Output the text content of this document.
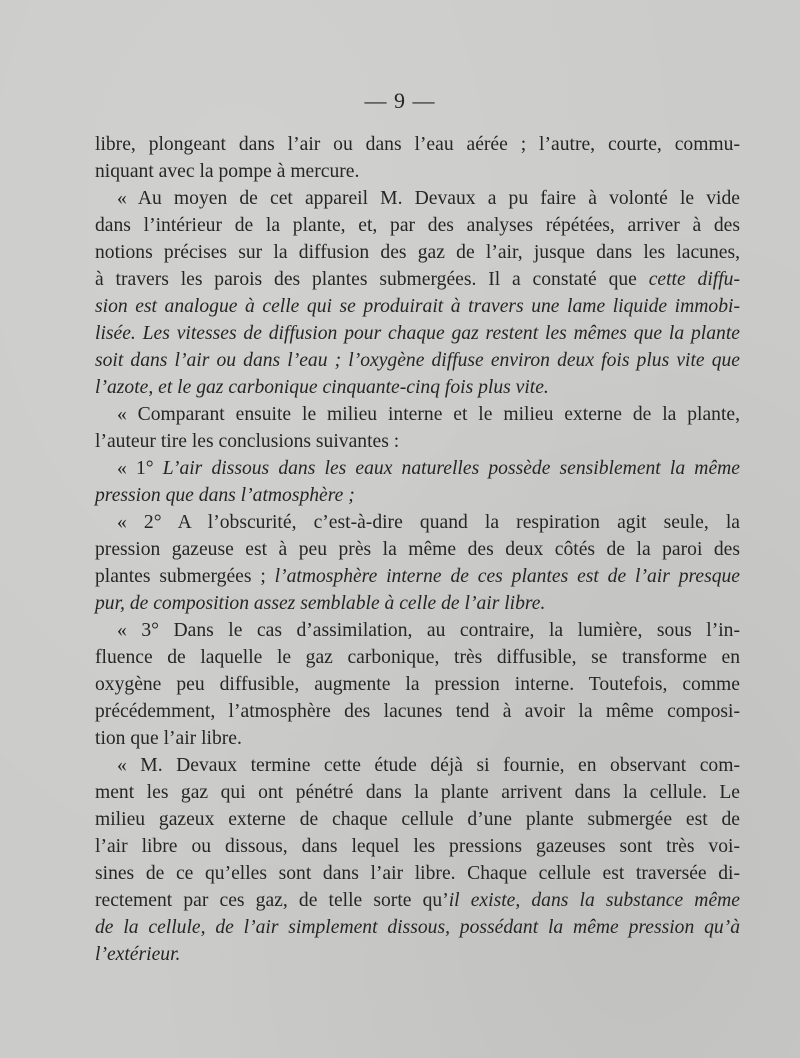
— 9 —
libre, plongeant dans l’air ou dans l’eau aérée ; l’autre, courte, commu-
niquant avec la pompe à mercure.
« Au moyen de cet appareil M. Devaux a pu faire à volonté le vide
dans l’intérieur de la plante, et, par des analyses répétées, arriver à des
notions précises sur la diffusion des gaz de l’air, jusque dans les lacunes,
à travers les parois des plantes submergées. Il a constaté que cette diffu-
sion est analogue à celle qui se produirait à travers une lame liquide immobi-
lisée. Les vitesses de diffusion pour chaque gaz restent les mêmes que la plante
soit dans l’air ou dans l’eau ; l’oxygène diffuse environ deux fois plus vite que
l’azote, et le gaz carbonique cinquante-cinq fois plus vite.
« Comparant ensuite le milieu interne et le milieu externe de la plante,
l’auteur tire les conclusions suivantes :
« 1° L’air dissous dans les eaux naturelles possède sensiblement la même
pression que dans l’atmosphère ;
« 2° A l’obscurité, c’est-à-dire quand la respiration agit seule, la
pression gazeuse est à peu près la même des deux côtés de la paroi des
plantes submergées ; l’atmosphère interne de ces plantes est de l’air presque
pur, de composition assez semblable à celle de l’air libre.
« 3° Dans le cas d’assimilation, au contraire, la lumière, sous l’in-
fluence de laquelle le gaz carbonique, très diffusible, se transforme en
oxygène peu diffusible, augmente la pression interne. Toutefois, comme
précédemment, l’atmosphère des lacunes tend à avoir la même composi-
tion que l’air libre.
« M. Devaux termine cette étude déjà si fournie, en observant com-
ment les gaz qui ont pénétré dans la plante arrivent dans la cellule. Le
milieu gazeux externe de chaque cellule d’une plante submergée est de
l’air libre ou dissous, dans lequel les pressions gazeuses sont très voi-
sines de ce qu’elles sont dans l’air libre. Chaque cellule est traversée di-
rectement par ces gaz, de telle sorte qu’il existe, dans la substance même
de la cellule, de l’air simplement dissous, possédant la même pression qu’à
l’extérieur.
